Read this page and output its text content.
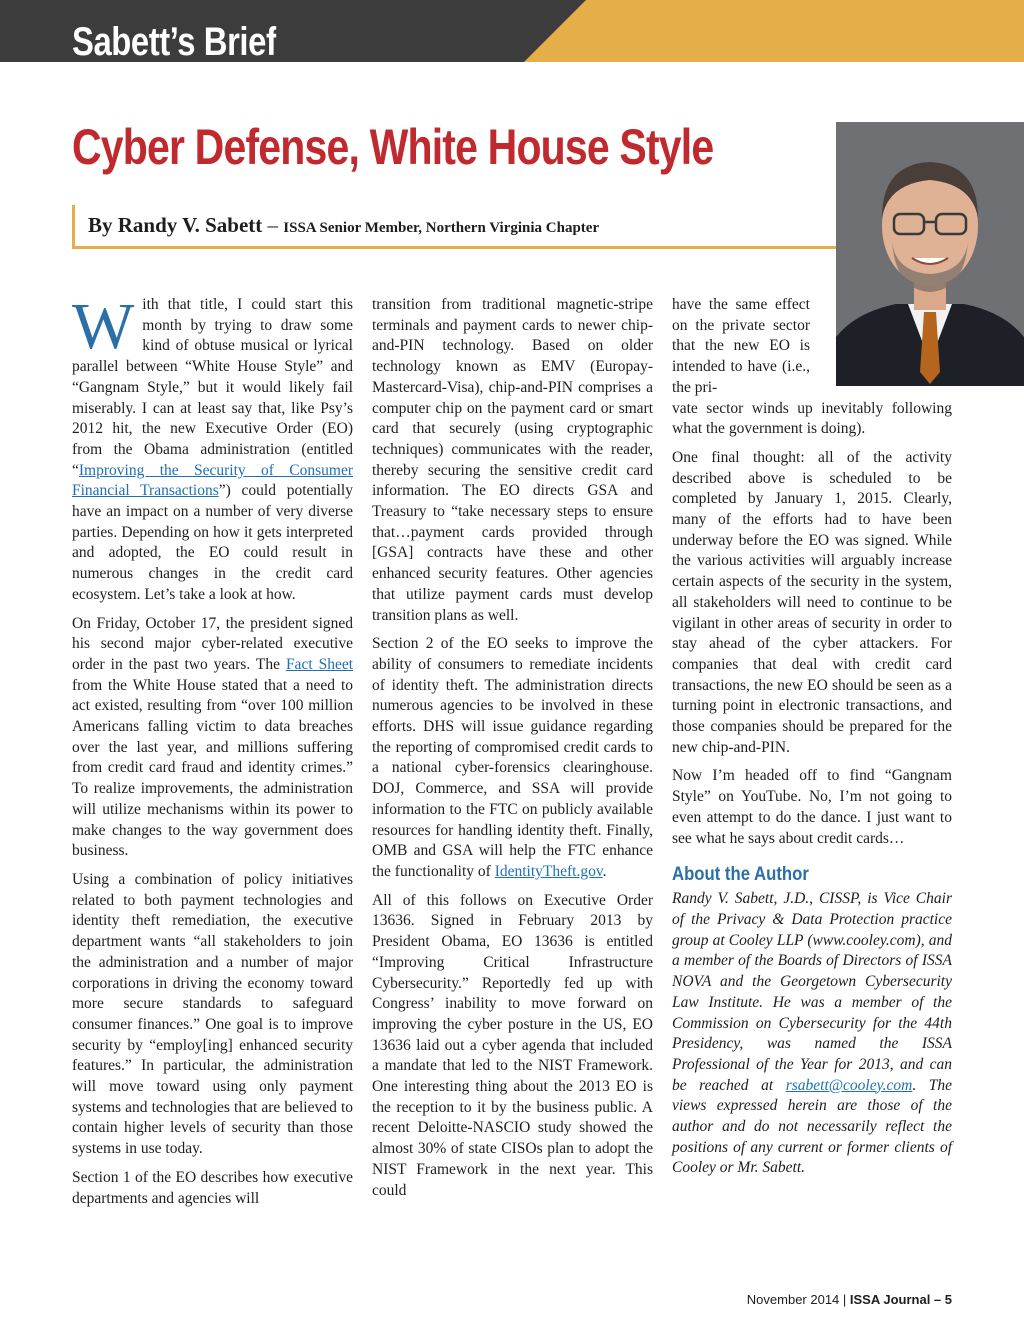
Sabett’s Brief
Cyber Defense, White House Style
By Randy V. Sabett – ISSA Senior Member, Northern Virginia Chapter

With that title, I could start this month by trying to draw some kind of obtuse musical or lyrical parallel between “White House Style” and “Gangnam Style,” but it would likely fail miserably. I can at least say that, like Psy’s 2012 hit, the new Executive Order (EO) from the Obama administration (entitled “Improving the Security of Consumer Financial Transactions”) could potentially have an impact on a number of very diverse parties. Depending on how it gets interpreted and adopted, the EO could result in numerous changes in the credit card ecosystem. Let’s take a look at how.

On Friday, October 17, the president signed his second major cyber-related executive order in the past two years. The Fact Sheet from the White House stated that a need to act existed, resulting from “over 100 million Americans falling victim to data breaches over the last year, and millions suffering from credit card fraud and identity crimes.” To realize improvements, the administration will utilize mechanisms within its power to make changes to the way government does business.

Using a combination of policy initiatives related to both payment technologies and identity theft remediation, the executive department wants “all stakeholders to join the administration and a number of major corporations in driving the economy toward more secure standards to safeguard consumer finances.” One goal is to improve security by “employ[ing] enhanced security features.” In particular, the administration will move toward using only payment systems and technologies that are believed to contain higher levels of security than those systems in use today.

Section 1 of the EO describes how executive departments and agencies will

transition from traditional magnetic-stripe terminals and payment cards to newer chip-and-PIN technology. Based on older technology known as EMV (Europay-Mastercard-Visa), chip-and-PIN comprises a computer chip on the payment card or smart card that securely (using cryptographic techniques) communicates with the reader, thereby securing the sensitive credit card information. The EO directs GSA and Treasury to “take necessary steps to ensure that…payment cards provided through [GSA] contracts have these and other enhanced security features. Other agencies that utilize payment cards must develop transition plans as well.

Section 2 of the EO seeks to improve the ability of consumers to remediate incidents of identity theft. The administration directs numerous agencies to be involved in these efforts. DHS will issue guidance regarding the reporting of compromised credit cards to a national cyber-forensics clearinghouse. DOJ, Commerce, and SSA will provide information to the FTC on publicly available resources for handling identity theft. Finally, OMB and GSA will help the FTC enhance the functionality of IdentityTheft.gov.

All of this follows on Executive Order 13636. Signed in February 2013 by President Obama, EO 13636 is entitled “Improving Critical Infrastructure Cybersecurity.” Reportedly fed up with Congress’ inability to move forward on improving the cyber posture in the US, EO 13636 laid out a cyber agenda that included a mandate that led to the NIST Framework. One interesting thing about the 2013 EO is the reception to it by the business public. A recent Deloitte-NASCIO study showed the almost 30% of state CISOs plan to adopt the NIST Framework in the next year. This could

have the same effect on the private sector that the new EO is intended to have (i.e., the pri-

vate sector winds up inevitably following what the government is doing).

One final thought: all of the activity described above is scheduled to be completed by January 1, 2015. Clearly, many of the efforts had to have been underway before the EO was signed. While the various activities will arguably increase certain aspects of the security in the system, all stakeholders will need to continue to be vigilant in other areas of security in order to stay ahead of the cyber attackers. For companies that deal with credit card transactions, the new EO should be seen as a turning point in electronic transactions, and those companies should be prepared for the new chip-and-PIN.

Now I’m headed off to find “Gangnam Style” on YouTube. No, I’m not going to even attempt to do the dance. I just want to see what he says about credit cards…

About the Author

Randy V. Sabett, J.D., CISSP, is Vice Chair of the Privacy & Data Protection practice group at Cooley LLP (www.cooley.com), and a member of the Boards of Directors of ISSA NOVA and the Georgetown Cybersecurity Law Institute. He was a member of the Commission on Cybersecurity for the 44th Presidency, was named the ISSA Professional of the Year for 2013, and can be reached at rsabett@cooley.com. The views expressed herein are those of the author and do not necessarily reflect the positions of any current or former clients of Cooley or Mr. Sabett.

November 2014 | ISSA Journal – 5
